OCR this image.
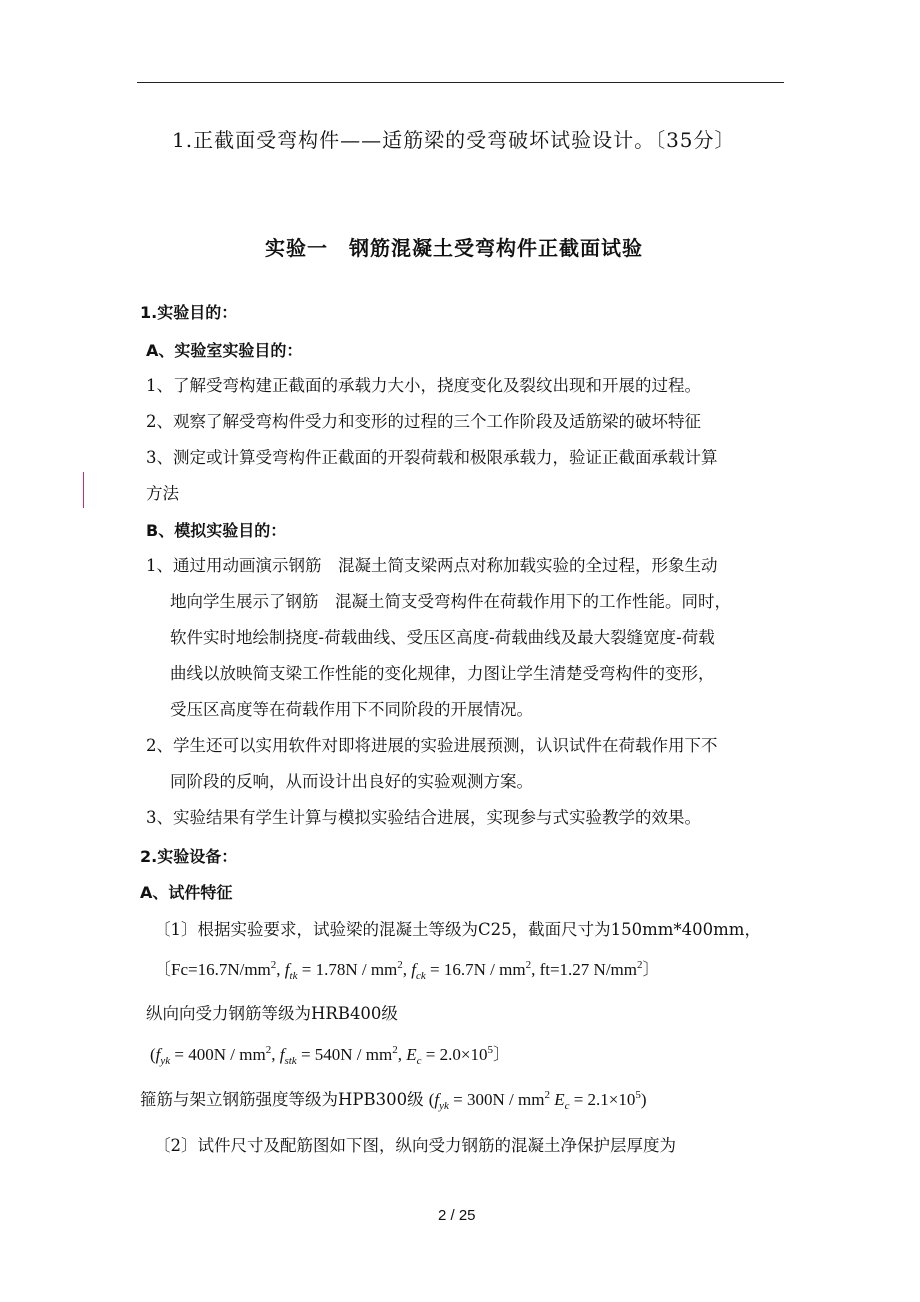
1.正截面受弯构件——适筋梁的受弯破坏试验设计。〔35分〕
实验一　钢筋混凝土受弯构件正截面试验
1.实验目的：
A、实验室实验目的：
1、了解受弯构建正截面的承载力大小，挠度变化及裂纹出现和开展的过程。
2、观察了解受弯构件受力和变形的过程的三个工作阶段及适筋梁的破坏特征
3、测定或计算受弯构件正截面的开裂荷载和极限承载力，验证正截面承载计算
方法
B、模拟实验目的：
1、通过用动画演示钢筋　混凝土简支梁两点对称加载实验的全过程，形象生动
地向学生展示了钢筋　混凝土简支受弯构件在荷载作用下的工作性能。同时，
软件实时地绘制挠度-荷载曲线、受压区高度-荷载曲线及最大裂缝宽度-荷载
曲线以放映简支梁工作性能的变化规律，力图让学生清楚受弯构件的变形，
受压区高度等在荷载作用下不同阶段的开展情况。
2、学生还可以实用软件对即将进展的实验进展预测，认识试件在荷载作用下不
同阶段的反响，从而设计出良好的实验观测方案。
3、实验结果有学生计算与模拟实验结合进展，实现参与式实验教学的效果。
2.实验设备：
A、试件特征
〔1〕根据实验要求，试验梁的混凝土等级为C25，截面尺寸为150mm*400mm，
〔$Fc=16.7N/mm^2$, $f_{tk} = 1.78N / mm^2$, $f_{ck} = 16.7N / mm^2$, ft=1.27 $N/mm^2$〕
纵向向受力钢筋等级为HRB400级
($f_{yk} = 400N / mm^2$, $f_{stk} = 540N / mm^2$, $E_c = 2.0\times 10^5$〕
箍筋与架立钢筋强度等级为HPB300级 ($f_{yk} = 300N / mm^2$ $E_c = 2.1\times 10^5$)
〔2〕试件尺寸及配筋图如下图，纵向受力钢筋的混凝土净保护层厚度为
2 / 25
